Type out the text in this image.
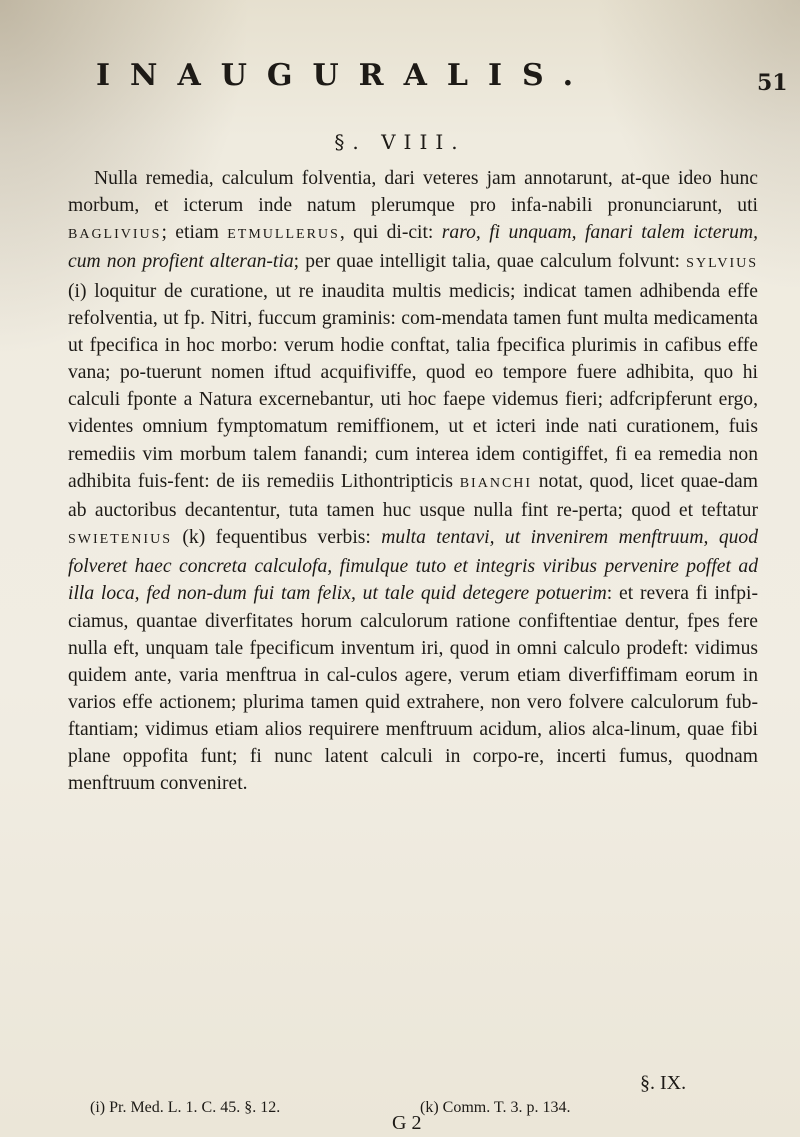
INAUGURALIS.	51
§. VIII.

Nulla remedia, calculum folventia, dari veteres jam annotarunt, at-que ideo hunc morbum, et icterum inde natum plerumque pro infa-nabili pronunciarunt, uti BAGLIVIUS; etiam ETMULLERUS, qui di-cit: raro, fi unquam, fanari talem icterum, cum non profient alteran-tia; per quae intelligit talia, quae calculum folvunt: SYLVIUS (i) loquitur de curatione, ut re inaudita multis medicis; indicat tamen adhibenda effe refolventia, ut fp. Nitri, fuccum graminis: com-mendata tamen funt multa medicamenta ut fpecifica in hoc morbo: verum hodie conftat, talia fpecifica plurimis in cafibus effe vana; po-tuerunt nomen iftud acquifiviffe, quod eo tempore fuere adhibita, quo hi calculi fponte a Natura excernebantur, uti hoc faepe videmus fieri; adfcripferunt ergo, videntes omnium fymptomatum remiffionem, ut et icteri inde nati curationem, fuis remediis vim morbum talem fanandi; cum interea idem contigiffet, fi ea remedia non adhibita fuis-fent: de iis remediis Lithontripticis BIANCHI notat, quod, licet quae-dam ab auctoribus decantentur, tuta tamen huc usque nulla fint re-perta; quod et teftatur SWIETENIUS (k) fequentibus verbis: multa tentavi, ut invenirem menftruum, quod folveret haec concreta calculofa, fimulque tuto et integris viribus pervenire poffet ad illa loca, fed non-dum fui tam felix, ut tale quid detegere potuerim: et revera fi infpi-ciamus, quantae diverfitates horum calculorum ratione confiftentiae dentur, fpes fere nulla eft, unquam tale fpecificum inventum iri, quod in omni calculo prodeft: vidimus quidem ante, varia menftrua in cal-culos agere, verum etiam diverfiffimam eorum in varios effe actionem; plurima tamen quid extrahere, non vero folvere calculorum fub-ftantiam; vidimus etiam alios requirere menftruum acidum, alios alca-linum, quae fibi plane oppofita funt; fi nunc latent calculi in corpo-re, incerti fumus, quodnam menftruum conveniret.

§. IX.
(i) Pr. Med. L. 1. C. 45. §. 12.	(k) Comm. T. 3. p. 134.
G 2
